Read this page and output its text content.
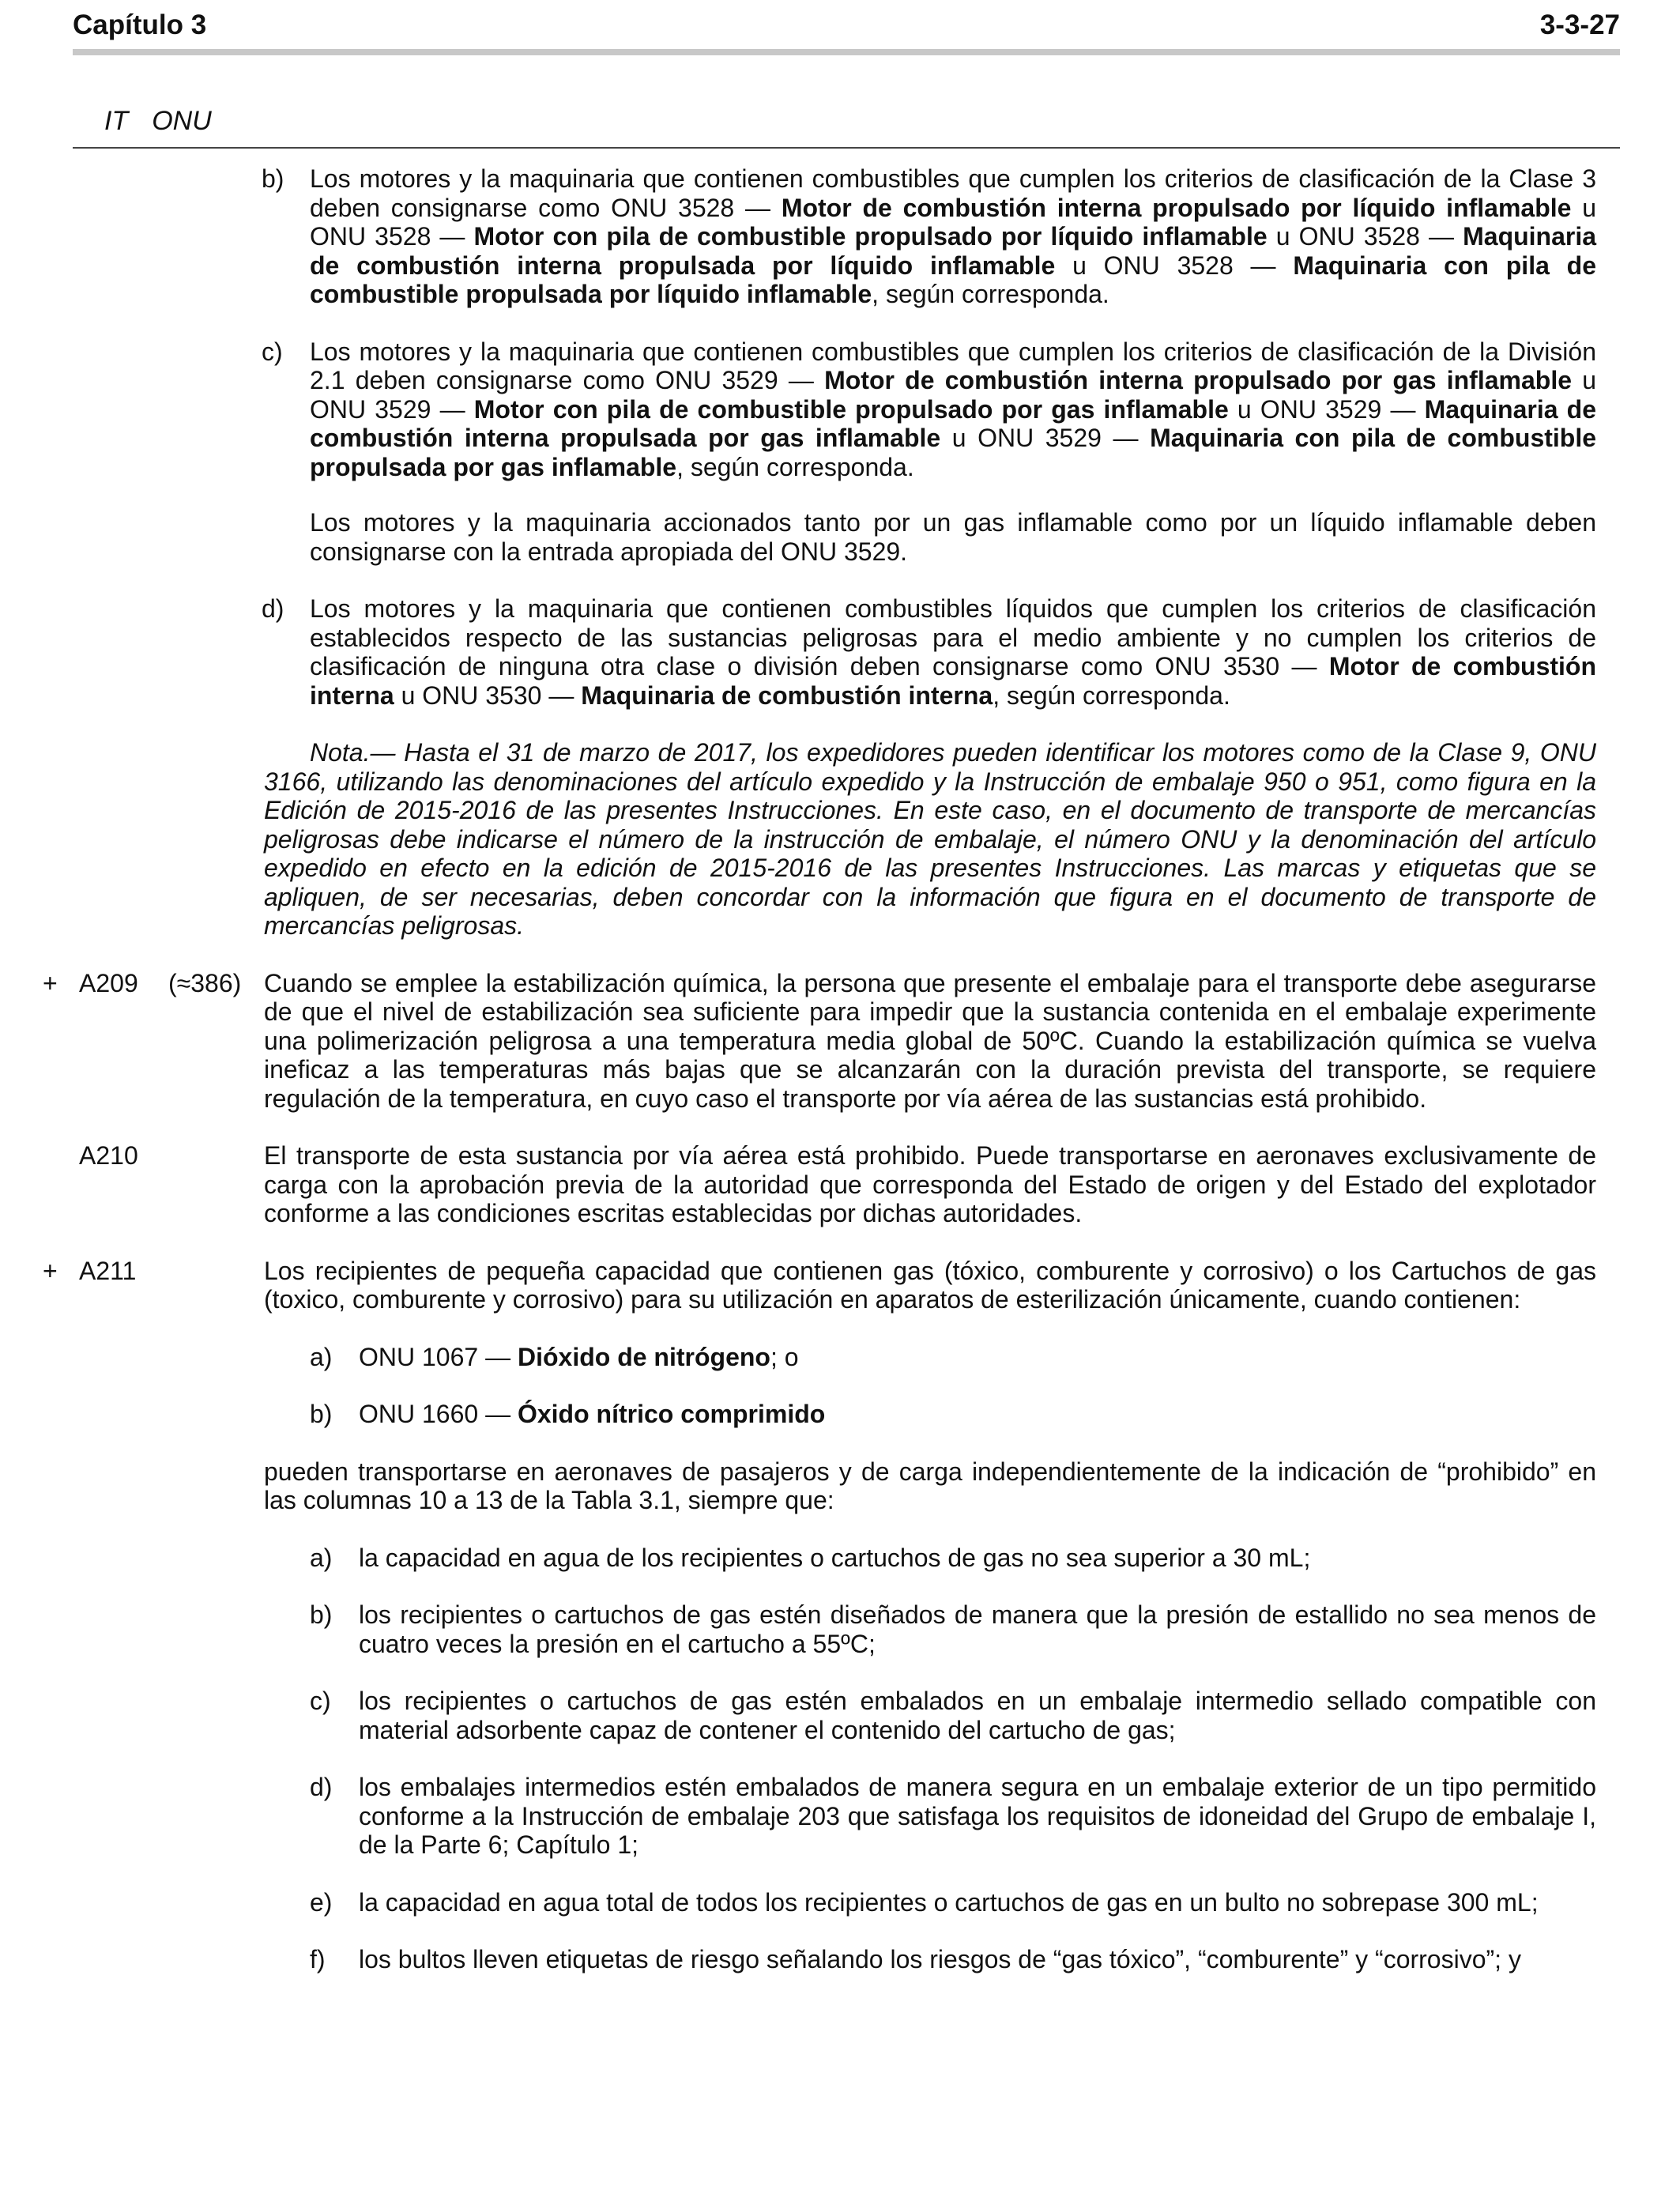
Capítulo 3	3-3-27
IT ONU
b) Los motores y la maquinaria que contienen combustibles que cumplen los criterios de clasificación de la Clase 3 deben consignarse como ONU 3528 — Motor de combustión interna propulsado por líquido inflamable u ONU 3528 — Motor con pila de combustible propulsado por líquido inflamable u ONU 3528 — Maquinaria de combustión interna propulsada por líquido inflamable u ONU 3528 — Maquinaria con pila de combustible propulsada por líquido inflamable, según corresponda.

c) Los motores y la maquinaria que contienen combustibles que cumplen los criterios de clasificación de la División 2.1 deben consignarse como ONU 3529 — Motor de combustión interna propulsado por gas inflamable u ONU 3529 — Motor con pila de combustible propulsado por gas inflamable u ONU 3529 — Maquinaria de combustión interna propulsada por gas inflamable u ONU 3529 — Maquinaria con pila de combustible propulsada por gas inflamable, según corresponda.

Los motores y la maquinaria accionados tanto por un gas inflamable como por un líquido inflamable deben consignarse con la entrada apropiada del ONU 3529.

d) Los motores y la maquinaria que contienen combustibles líquidos que cumplen los criterios de clasificación establecidos respecto de las sustancias peligrosas para el medio ambiente y no cumplen los criterios de clasificación de ninguna otra clase o división deben consignarse como ONU 3530 — Motor de combustión interna u ONU 3530 — Maquinaria de combustión interna, según corresponda.

Nota.— Hasta el 31 de marzo de 2017, los expedidores pueden identificar los motores como de la Clase 9, ONU 3166, utilizando las denominaciones del artículo expedido y la Instrucción de embalaje 950 o 951, como figura en la Edición de 2015-2016 de las presentes Instrucciones. En este caso, en el documento de transporte de mercancías peligrosas debe indicarse el número de la instrucción de embalaje, el número ONU y la denominación del artículo expedido en efecto en la edición de 2015-2016 de las presentes Instrucciones. Las marcas y etiquetas que se apliquen, de ser necesarias, deben concordar con la información que figura en el documento de transporte de mercancías peligrosas.

+ A209 (≈386) Cuando se emplee la estabilización química, la persona que presente el embalaje para el transporte debe asegurarse de que el nivel de estabilización sea suficiente para impedir que la sustancia contenida en el embalaje experimente una polimerización peligrosa a una temperatura media global de 50ºC. Cuando la estabilización química se vuelva ineficaz a las temperaturas más bajas que se alcanzarán con la duración prevista del transporte, se requiere regulación de la temperatura, en cuyo caso el transporte por vía aérea de las sustancias está prohibido.

A210	El transporte de esta sustancia por vía aérea está prohibido. Puede transportarse en aeronaves exclusivamente de carga con la aprobación previa de la autoridad que corresponda del Estado de origen y del Estado del explotador conforme a las condiciones escritas establecidas por dichas autoridades.

+ A211	Los recipientes de pequeña capacidad que contienen gas (tóxico, comburente y corrosivo) o los Cartuchos de gas (toxico, comburente y corrosivo) para su utilización en aparatos de esterilización únicamente, cuando contienen:

a) ONU 1067 — Dióxido de nitrógeno; o

b) ONU 1660 — Óxido nítrico comprimido

pueden transportarse en aeronaves de pasajeros y de carga independientemente de la indicación de “prohibido” en las columnas 10 a 13 de la Tabla 3.1, siempre que:

a) la capacidad en agua de los recipientes o cartuchos de gas no sea superior a 30 mL;

b) los recipientes o cartuchos de gas estén diseñados de manera que la presión de estallido no sea menos de cuatro veces la presión en el cartucho a 55ºC;

c) los recipientes o cartuchos de gas estén embalados en un embalaje intermedio sellado compatible con material adsorbente capaz de contener el contenido del cartucho de gas;

d) los embalajes intermedios estén embalados de manera segura en un embalaje exterior de un tipo permitido conforme a la Instrucción de embalaje 203 que satisfaga los requisitos de idoneidad del Grupo de embalaje I, de la Parte 6; Capítulo 1;

e) la capacidad en agua total de todos los recipientes o cartuchos de gas en un bulto no sobrepase 300 mL;

f) los bultos lleven etiquetas de riesgo señalando los riesgos de “gas tóxico”, “comburente” y “corrosivo”; y
